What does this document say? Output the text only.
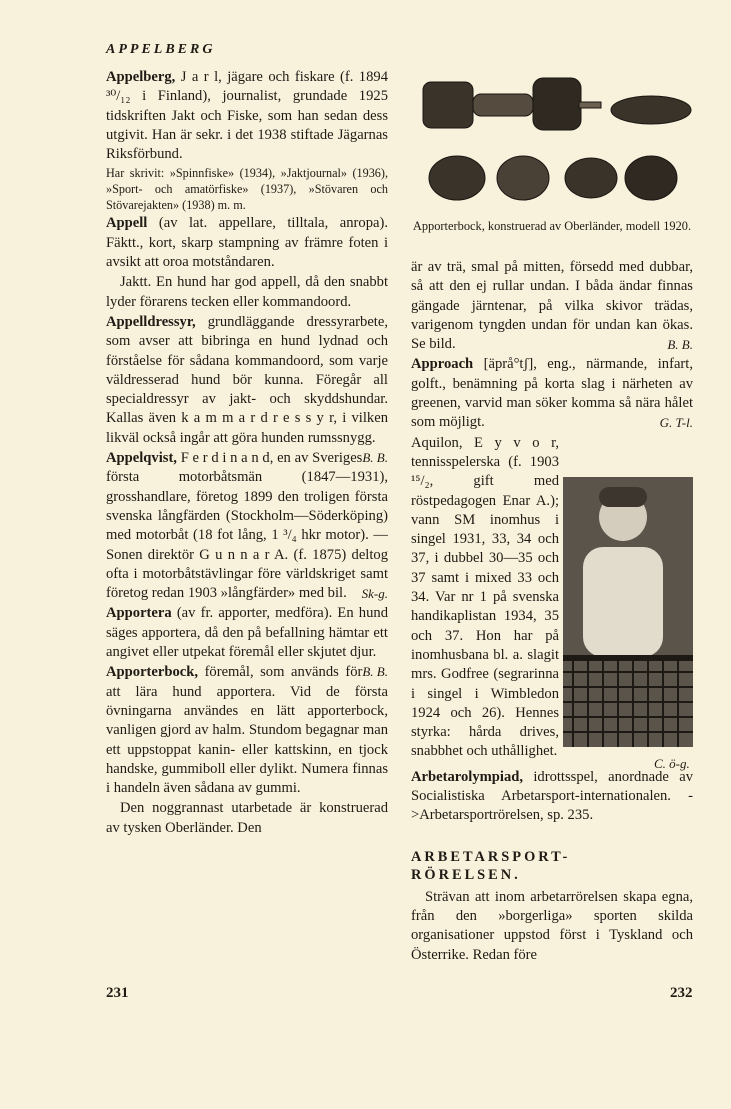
APPELBERG

Appelberg, J a r l, jägare och fiskare (f. 1894 ³⁰/₁₂ i Finland), journalist, grundade 1925 tidskriften Jakt och Fiske, som han sedan dess utgivit. Han är sekr. i det 1938 stiftade Jägarnas Riksförbund.

Har skrivit: »Spinnfiske» (1934), »Jaktjournal» (1936), »Sport- och amatörfiske» (1937), »Stövaren och Stövarejakten» (1938) m. m.

Appell (av lat. appellare, tilltala, anropa). Fäktt., kort, skarp stampning av främre foten i avsikt att oroa motståndaren.

Jaktt. En hund har god appell, då den snabbt lyder förarens tecken eller kommandoord.

Appelldressyr, grundläggande dressyrarbete, som avser att bibringa en hund lydnad och förståelse för sådana kommandoord, som varje väldresserad hund bör kunna. Föregår all specialdressyr av jakt- och skyddshundar. Kallas även k a m m a r d r e s s y r, i vilken likväl också ingår att göra hunden rumssnygg.
B. B.

Appelqvist, F e r d i n a n d, en av Sveriges första motorbåtsmän (1847—1931), grosshandlare, företog 1899 den troligen första svenska långfärden (Stockholm—Söderköping) med motorbåt (18 fot lång, 1 ³/₄ hkr motor). — Sonen direktör G u n n a r A. (f. 1875) deltog ofta i motorbåtstävlingar före världskriget samt företog redan 1903 »långfärder» med bil. Sk-g.

Apportera (av fr. apporter, medföra). En hund säges apportera, då den på befallning hämtar ett angivet eller utpekat föremål eller skjutet djur.
B. B.

Apporterbock, föremål, som används för att lära hund apportera. Vid de första övningarna användes en lätt apporterbock, vanligen gjord av halm. Stundom begagnar man ett uppstoppat kanin- eller kattskinn, en tjock handske, gummiboll eller dylikt. Numera finnas i handeln även sådana av gummi.

Den noggrannast utarbetade är konstruerad av tysken Oberländer. Den

Apporterbock, konstruerad av Oberländer, modell 1920.

är av trä, smal på mitten, försedd med dubbar, så att den ej rullar undan. I båda ändar finnas gängade järntenar, på vilka skivor trädas, varigenom tyngden undan för undan kan ökas. Se bild.	B. B.

Approach [äprå°tʃ], eng., närmande, infart, golft., benämning på korta slag i närheten av greenen, varvid man söker komma så nära hålet som möjligt.	G. T-l.

Aquilon, E y v o r, tennisspelerska (f. 1903 ¹⁵/₂, gift med röstpedagogen Enar A.); vann SM inomhus i singel 1931, 33, 34 och 37, i dubbel 30—35 och 37 samt i mixed 33 och 34. Var nr 1 på svenska handikaplistan 1934, 35 och 37. Hon har på inomhusbana bl. a. slagit mrs. Godfree (segrarinna i singel i Wimbledon 1924 och 26). Hennes styrka: hårda drives, snabbhet och uthållighet.

Arbetarolympiad, idrottsspel, anordnade av Socialistiska Arbetarsport-internationalen. ->Arbetarsportrörelsen, sp. 235.

ARBETARSPORT-
RÖRELSEN.

Strävan att inom arbetarrörelsen skapa egna, från den »borgerliga» sporten skilda organisationer uppstod först i Tyskland och Österrike. Redan före

C. ö-g.
231	232
